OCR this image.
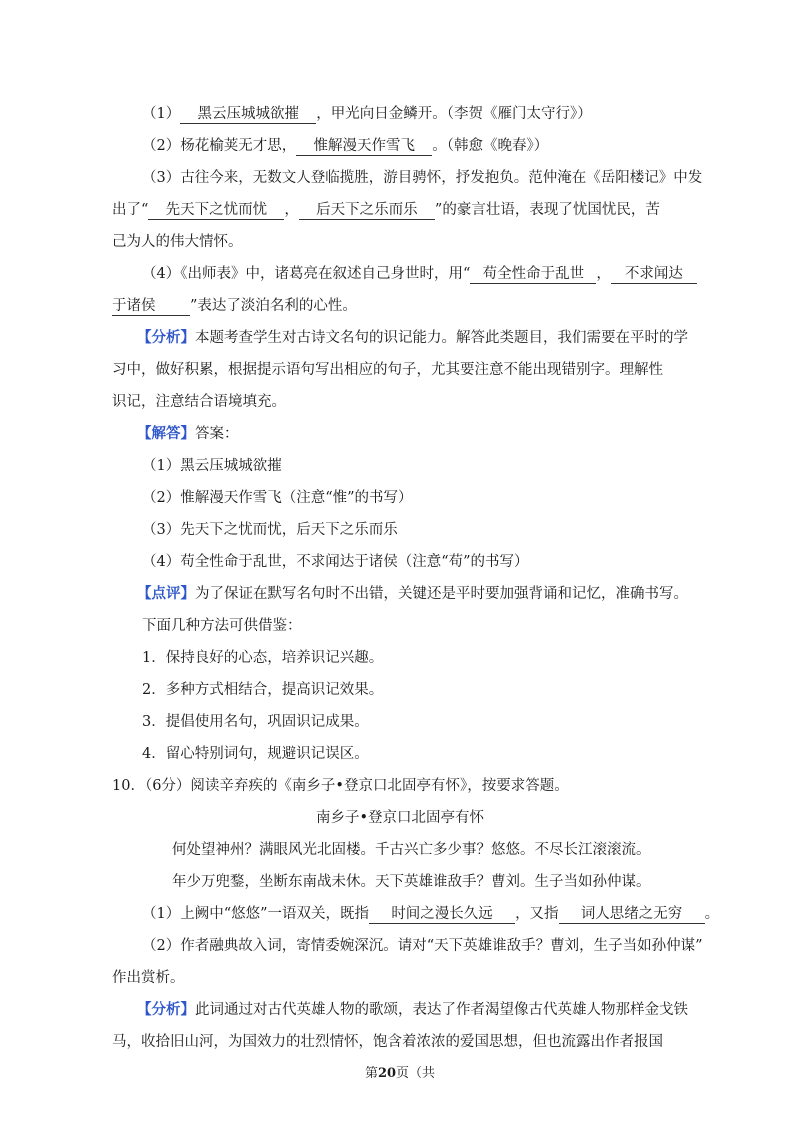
（1） 黑云压城城欲摧 ，甲光向日金鳞开。（李贺《雁门太守行》）
（2）杨花榆荚无才思， 惟解漫天作雪飞 。（韩愈《晚春》）
（3）古往今来，无数文人登临揽胜，游目骋怀，抒发抱负。范仲淹在《岳阳楼记》中发
出了“ 先天下之忧而忧 ， 后天下之乐而乐 ”的豪言壮语，表现了忧国忧民，苦
己为人的伟大情怀。
（4）《出师表》中，诸葛亮在叙述自己身世时，用“ 苟全性命于乱世 ， 不求闻达
于诸侯 ”表达了淡泊名利的心性。
【分析】本题考查学生对古诗文名句的识记能力。解答此类题目，我们需要在平时的学
习中，做好积累，根据提示语句写出相应的句子，尤其要注意不能出现错别字。理解性
识记，注意结合语境填充。
【解答】答案：
（1）黑云压城城欲摧
（2）惟解漫天作雪飞（注意“惟”的书写）
（3）先天下之忧而忧，后天下之乐而乐
（4）苟全性命于乱世，不求闻达于诸侯（注意“苟”的书写）
【点评】为了保证在默写名句时不出错，关键还是平时要加强背诵和记忆，准确书写。
下面几种方法可供借鉴：
1．保持良好的心态，培养识记兴趣。
2．多种方式相结合，提高识记效果。
3．提倡使用名句，巩固识记成果。
4．留心特别词句，规避识记误区。
10．（6分）阅读辛弃疾的《南乡子•登京口北固亭有怀》，按要求答题。
南乡子•登京口北固亭有怀
何处望神州？满眼风光北固楼。千古兴亡多少事？悠悠。不尽长江滚滚流。
年少万兜鍪，坐断东南战未休。天下英雄谁敌手？曹刘。生子当如孙仲谋。
（1）上阙中“悠悠”一语双关，既指 时间之漫长久远 ，又指 词人思绪之无穷 。
（2）作者融典故入词，寄情委婉深沉。请对“天下英雄谁敌手？曹刘，生子当如孙仲谋”
作出赏析。
【分析】此词通过对古代英雄人物的歌颂，表达了作者渴望像古代英雄人物那样金戈铁
马，收拾旧山河，为国效力的壮烈情怀，饱含着浓浓的爱国思想，但也流露出作者报国
第20页（共
